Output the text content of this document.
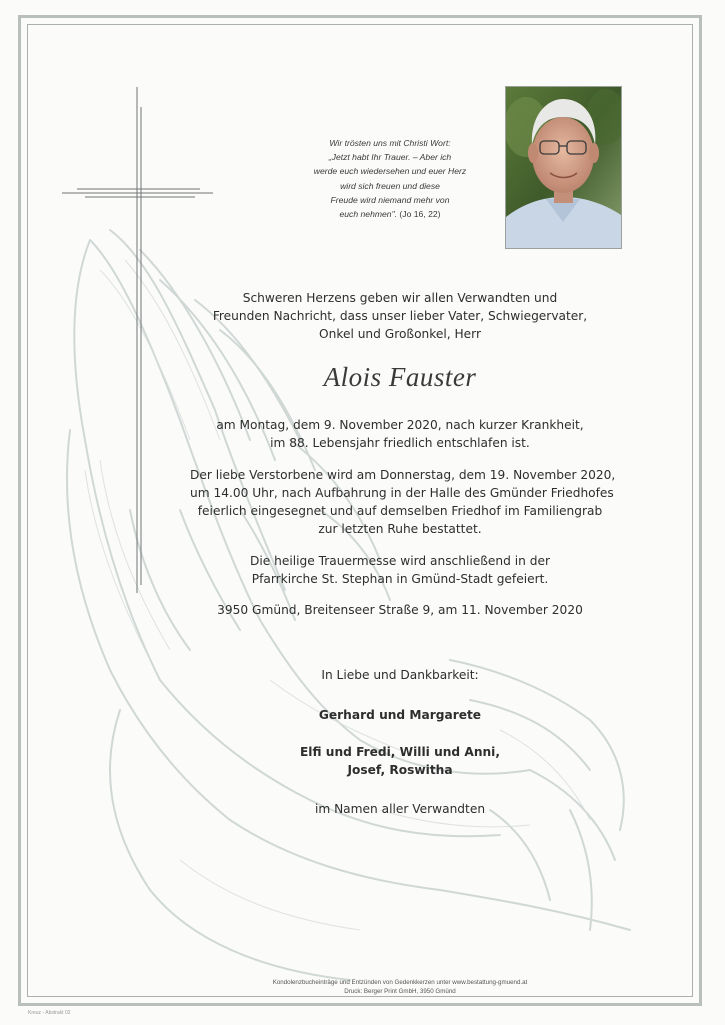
Wir trösten uns mit Christi Wort:
„Jetzt habt Ihr Trauer. – Aber ich
werde euch wiedersehen und euer Herz
wird sich freuen und diese
Freude wird niemand mehr von
euch nehmen". (Jo 16, 22)
Schweren Herzens geben wir allen Verwandten und
Freunden Nachricht, dass unser lieber Vater, Schwiegervater,
Onkel und Großonkel, Herr
Alois Fauster
am Montag, dem 9. November 2020, nach kurzer Krankheit,
im 88. Lebensjahr friedlich entschlafen ist.
Der liebe Verstorbene wird am Donnerstag, dem 19. November 2020,
um 14.00 Uhr, nach Aufbahrung in der Halle des Gmünder Friedhofes
feierlich eingesegnet und auf demselben Friedhof im Familiengrab
zur letzten Ruhe bestattet.
Die heilige Trauermesse wird anschließend in der
Pfarrkirche St. Stephan in Gmünd-Stadt gefeiert.
3950 Gmünd, Breitenseer Straße 9, am 11. November 2020
In Liebe und Dankbarkeit:
Gerhard und Margarete
Elfi und Fredi, Willi und Anni,
Josef, Roswitha
im Namen aller Verwandten
Kondolenzbucheinträge und Entzünden von Gedenkkerzen unter www.bestattung-gmuend.at
Druck: Berger Print GmbH, 3950 Gmünd
Kreuz - Abstrakt 02
